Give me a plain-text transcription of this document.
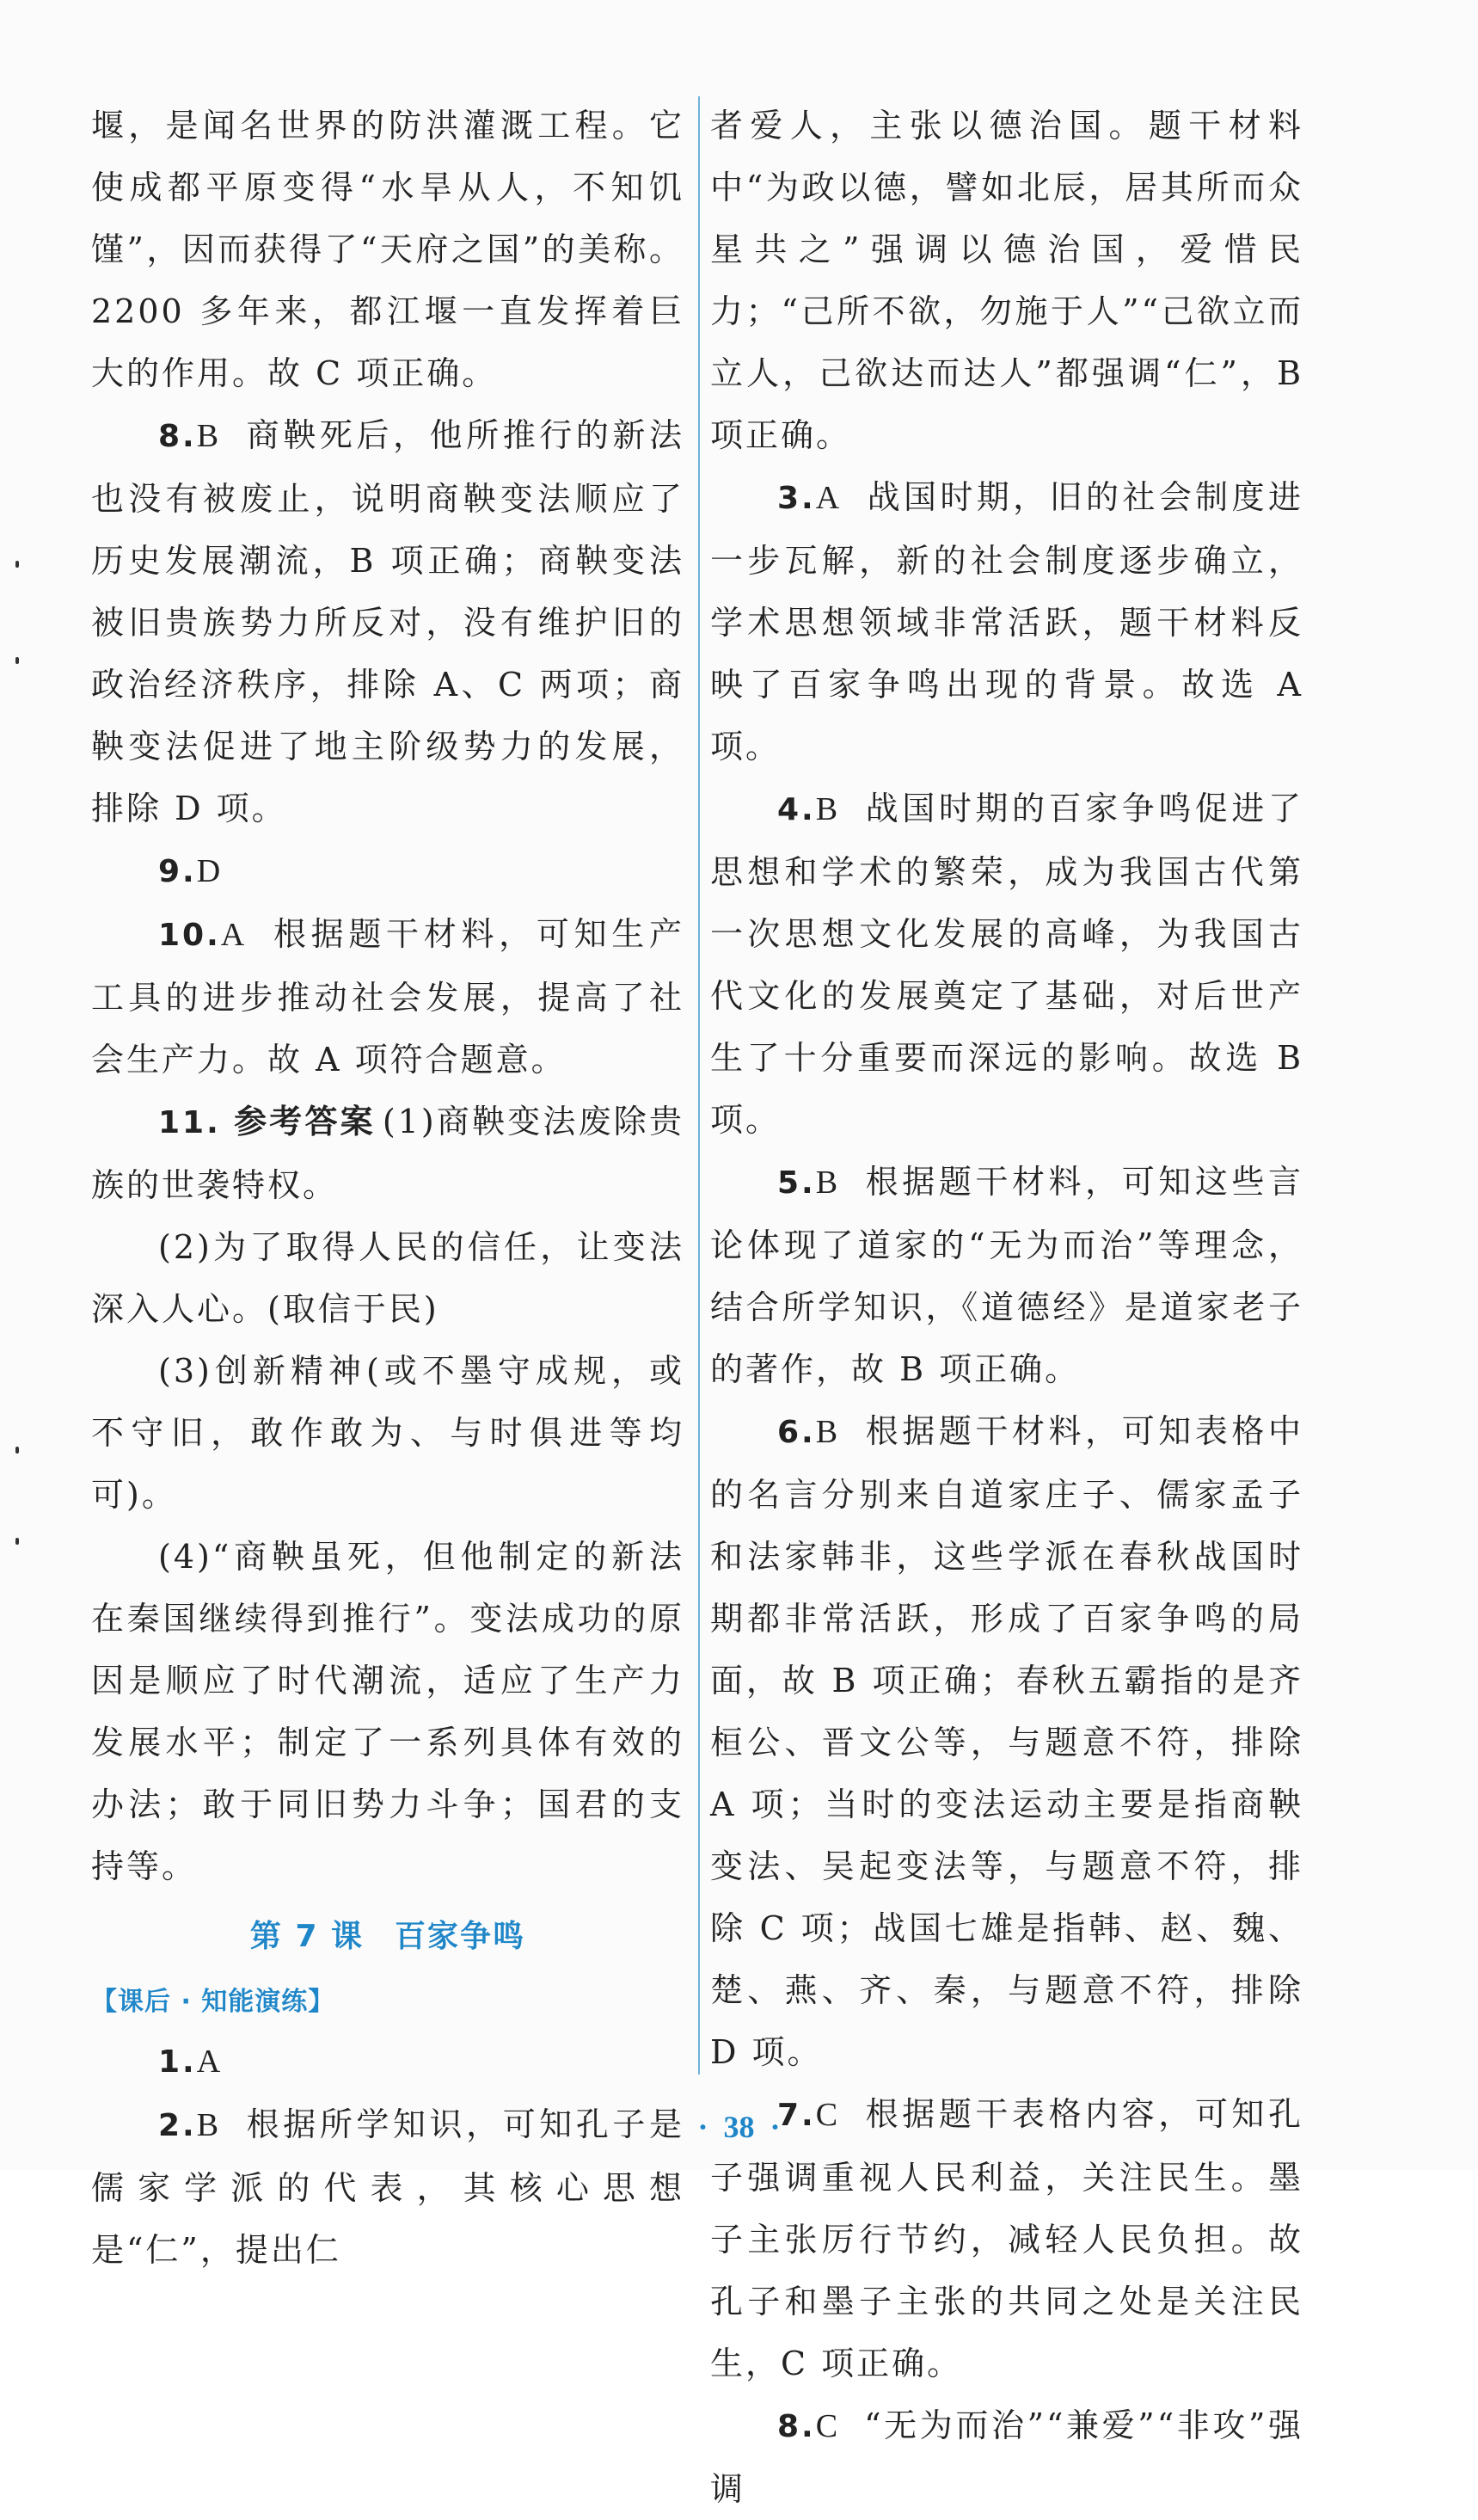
堰，是闻名世界的防洪灌溉工程。它使成都平原变得“水旱从人，不知饥馑”，因而获得了“天府之国”的美称。2200 多年来，都江堰一直发挥着巨大的作用。故 C 项正确。

8.B 商鞅死后，他所推行的新法也没有被废止，说明商鞅变法顺应了历史发展潮流，B 项正确；商鞅变法被旧贵族势力所反对，没有维护旧的政治经济秩序，排除 A、C 两项；商鞅变法促进了地主阶级势力的发展，排除 D 项。

9.D

10.A 根据题干材料，可知生产工具的进步推动社会发展，提高了社会生产力。故 A 项符合题意。

11. 参考答案 (1)商鞅变法废除贵族的世袭特权。

(2)为了取得人民的信任，让变法深入人心。(取信于民)

(3)创新精神(或不墨守成规，或不守旧，敢作敢为、与时俱进等均可)。

(4)“商鞅虽死，但他制定的新法在秦国继续得到推行”。变法成功的原因是顺应了时代潮流，适应了生产力发展水平；制定了一系列具体有效的办法；敢于同旧势力斗争；国君的支持等。

第 7 课 百家争鸣
【课后 · 知能演练】

1.A

2.B 根据所学知识，可知孔子是儒家学派的代表，其核心思想是“仁”，提出仁

者爱人，主张以德治国。题干材料中“为政以德，譬如北辰，居其所而众星共之”强调以德治国，爱惜民力；“己所不欲，勿施于人”“己欲立而立人，己欲达而达人”都强调“仁”，B 项正确。

3.A 战国时期，旧的社会制度进一步瓦解，新的社会制度逐步确立，学术思想领域非常活跃，题干材料反映了百家争鸣出现的背景。故选 A 项。

4.B 战国时期的百家争鸣促进了思想和学术的繁荣，成为我国古代第一次思想文化发展的高峰，为我国古代文化的发展奠定了基础，对后世产生了十分重要而深远的影响。故选 B 项。

5.B 根据题干材料，可知这些言论体现了道家的“无为而治”等理念，结合所学知识，《道德经》是道家老子的著作，故 B 项正确。

6.B 根据题干材料，可知表格中的名言分别来自道家庄子、儒家孟子和法家韩非，这些学派在春秋战国时期都非常活跃，形成了百家争鸣的局面，故 B 项正确；春秋五霸指的是齐桓公、晋文公等，与题意不符，排除 A 项；当时的变法运动主要是指商鞅变法、吴起变法等，与题意不符，排除 C 项；战国七雄是指韩、赵、魏、楚、燕、齐、秦，与题意不符，排除 D 项。

7.C 根据题干表格内容，可知孔子强调重视人民利益，关注民生。墨子主张厉行节约，减轻人民负担。故孔子和墨子主张的共同之处是关注民生，C 项正确。

8.C “无为而治”“兼爱”“非攻”强调

· 38 ·
